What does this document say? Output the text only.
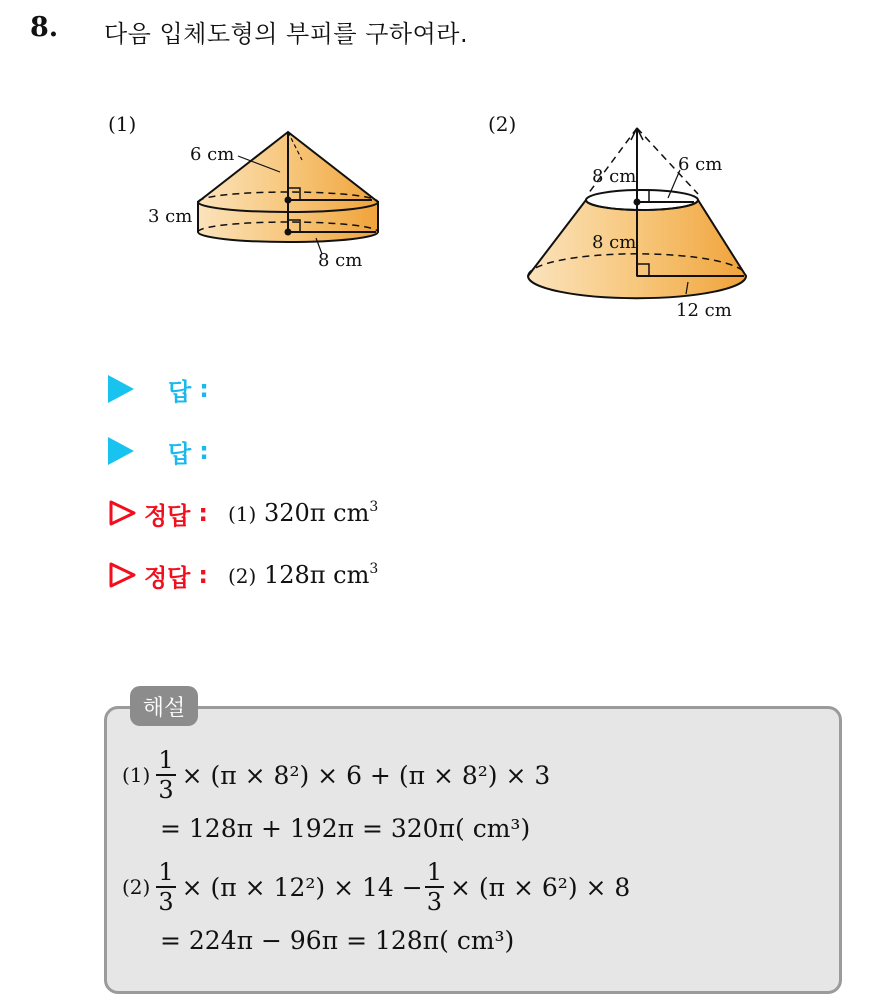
8. 다음 입체도형의 부피를 구하여라.
(1)
6 cm
3 cm
8 cm
(2)
8 cm
6 cm
8 cm
12 cm
답 :
답 :
정답 : (1) 320π $cm^3$
정답 : (2) 128π $cm^3$
해설
$(1) \frac{1}{3} \times (\pi \times 8^2) \times 6 + (\pi \times 8^2) \times 3$
= 128π + 192π = 320π( cm³)
$(2) \frac{1}{3} \times (\pi \times 12^2) \times 14 - \frac{1}{3} \times (\pi \times 6^2) \times 8$
= 224π − 96π = 128π( cm³)
